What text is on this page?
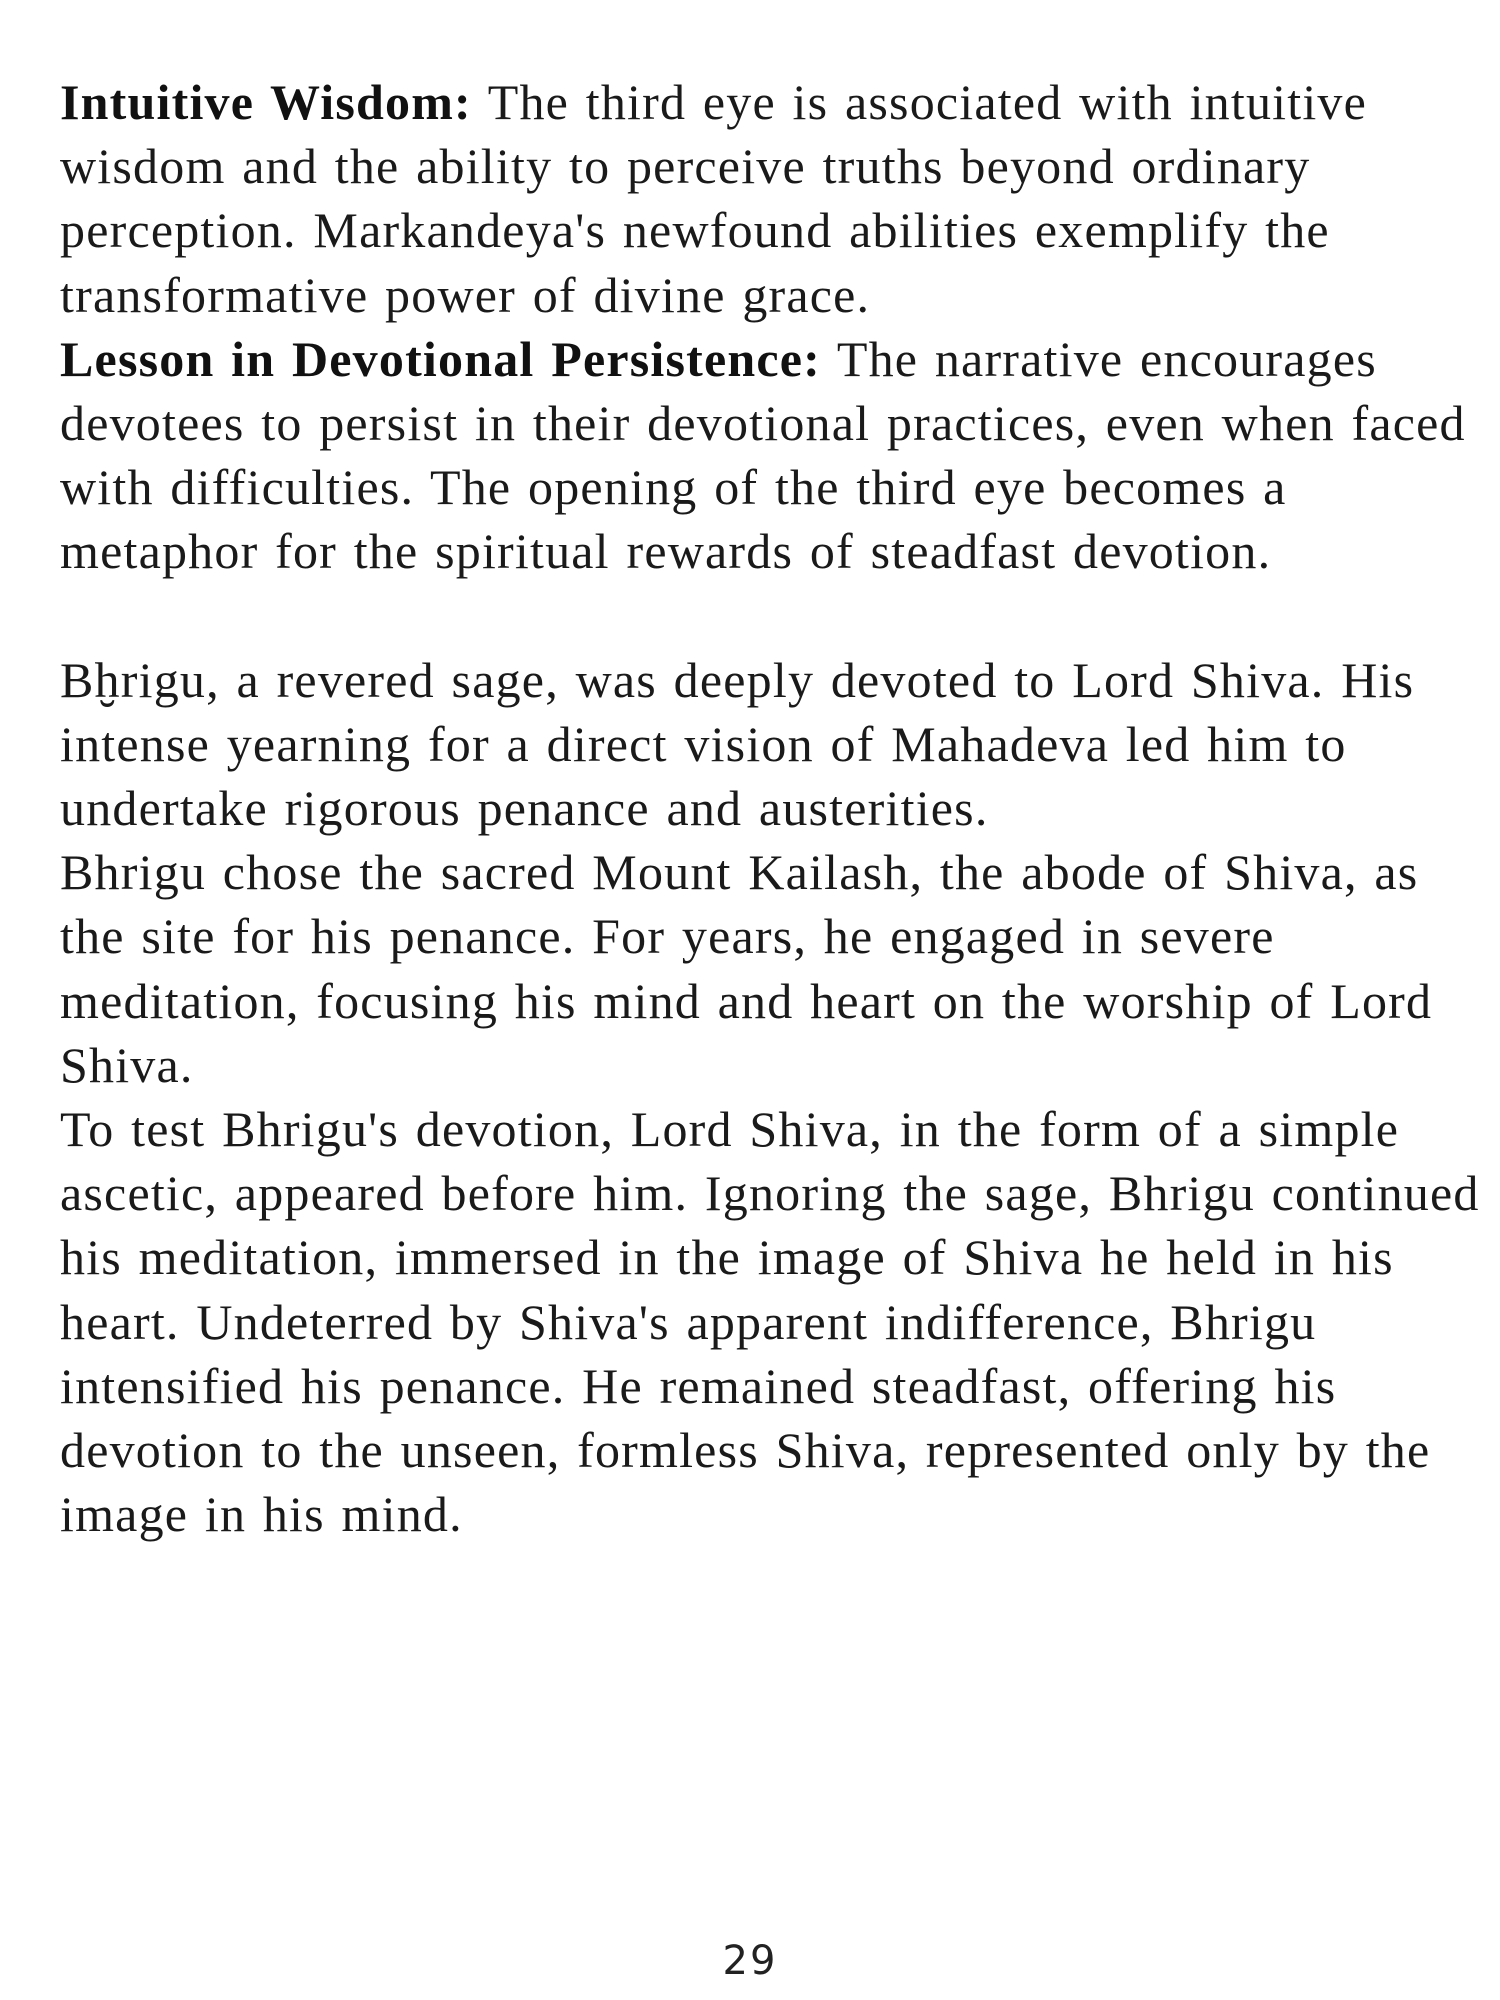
Intuitive Wisdom: The third eye is associated with intuitive wisdom and the ability to perceive truths beyond ordinary perception. Markandeya's newfound abilities exemplify the transformative power of divine grace.

Lesson in Devotional Persistence: The narrative encourages devotees to persist in their devotional practices, even when faced with difficulties. The opening of the third eye becomes a metaphor for the spiritual rewards of steadfast devotion.

Bḫrigu, a revered sage, was deeply devoted to Lord Shiva. His intense yearning for a direct vision of Mahadeva led him to undertake rigorous penance and austerities.

Bhrigu chose the sacred Mount Kailash, the abode of Shiva, as the site for his penance. For years, he engaged in severe meditation, focusing his mind and heart on the worship of Lord Shiva.

To test Bhrigu's devotion, Lord Shiva, in the form of a simple ascetic, appeared before him. Ignoring the sage, Bhrigu continued his meditation, immersed in the image of Shiva he held in his heart. Undeterred by Shiva's apparent indifference, Bhrigu intensified his penance. He remained steadfast, offering his devotion to the unseen, formless Shiva, represented only by the image in his mind.

29
